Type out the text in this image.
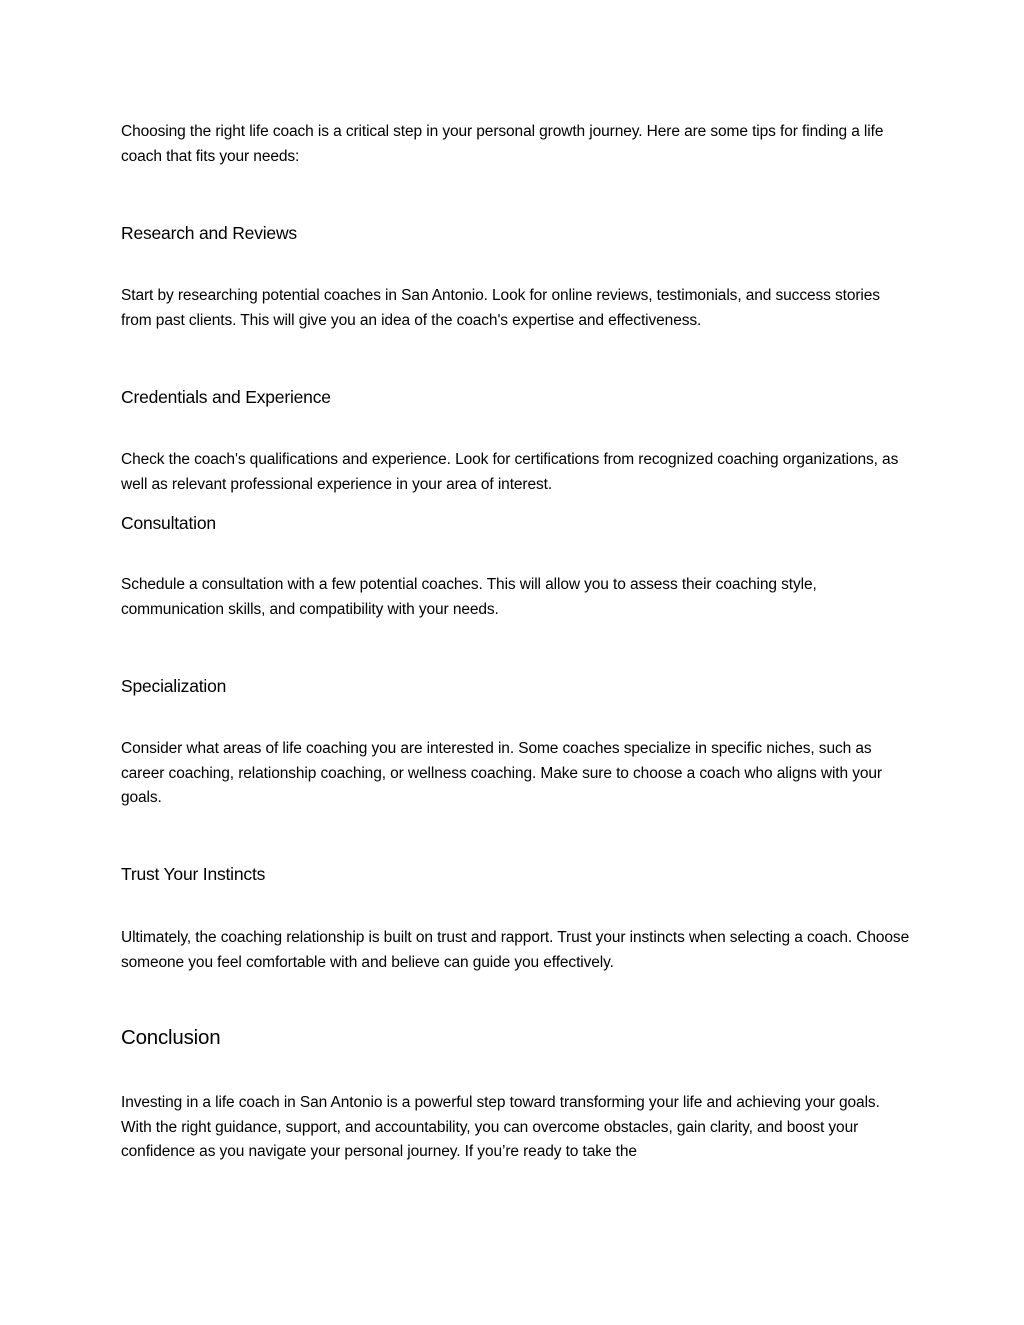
Choosing the right life coach is a critical step in your personal growth journey. Here are some tips for finding a life coach that fits your needs:

Research and Reviews

Start by researching potential coaches in San Antonio. Look for online reviews, testimonials, and success stories from past clients. This will give you an idea of the coach's expertise and effectiveness.

Credentials and Experience

Check the coach's qualifications and experience. Look for certifications from recognized coaching organizations, as well as relevant professional experience in your area of interest.

Consultation

Schedule a consultation with a few potential coaches. This will allow you to assess their coaching style, communication skills, and compatibility with your needs.

Specialization

Consider what areas of life coaching you are interested in. Some coaches specialize in specific niches, such as career coaching, relationship coaching, or wellness coaching. Make sure to choose a coach who aligns with your goals.

Trust Your Instincts

Ultimately, the coaching relationship is built on trust and rapport. Trust your instincts when selecting a coach. Choose someone you feel comfortable with and believe can guide you effectively.

Conclusion

Investing in a life coach in San Antonio is a powerful step toward transforming your life and achieving your goals. With the right guidance, support, and accountability, you can overcome obstacles, gain clarity, and boost your confidence as you navigate your personal journey. If you’re ready to take the
